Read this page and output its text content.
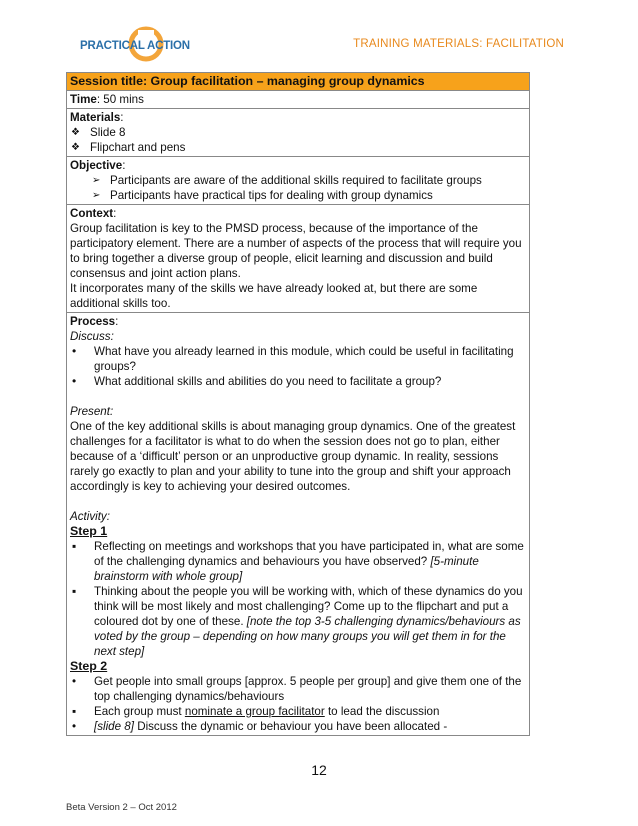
PRACTICAL ACTION	TRAINING MATERIALS: FACILITATION
Session title: Group facilitation – managing group dynamics
Time: 50 mins
Materials:
❖ Slide 8
❖ Flipchart and pens

Objective:
➢ Participants are aware of the additional skills required to facilitate groups
➢ Participants have practical tips for dealing with group dynamics

Context:
Group facilitation is key to the PMSD process, because of the importance of the participatory element. There are a number of aspects of the process that will require you to bring together a diverse group of people, elicit learning and discussion and build consensus and joint action plans.
It incorporates many of the skills we have already looked at, but there are some additional skills too.

Process:
Discuss:
• What have you already learned in this module, which could be useful in facilitating groups?
• What additional skills and abilities do you need to facilitate a group?
Present:
One of the key additional skills is about managing group dynamics. One of the greatest challenges for a facilitator is what to do when the session does not go to plan, either because of a ‘difficult’ person or an unproductive group dynamic. In reality, sessions rarely go exactly to plan and your ability to tune into the group and shift your approach accordingly is key to achieving your desired outcomes.
Activity:
Step 1
▪ Reflecting on meetings and workshops that you have participated in, what are some of the challenging dynamics and behaviours you have observed? [5-minute brainstorm with whole group]
▪ Thinking about the people you will be working with, which of these dynamics do you think will be most likely and most challenging? Come up to the flipchart and put a coloured dot by one of these. [note the top 3-5 challenging dynamics/behaviours as voted by the group – depending on how many groups you will get them in for the next step]
Step 2
• Get people into small groups [approx. 5 people per group] and give them one of the top challenging dynamics/behaviours
▪ Each group must nominate a group facilitator to lead the discussion
• [slide 8] Discuss the dynamic or behaviour you have been allocated -
12
Beta Version 2 – Oct 2012
